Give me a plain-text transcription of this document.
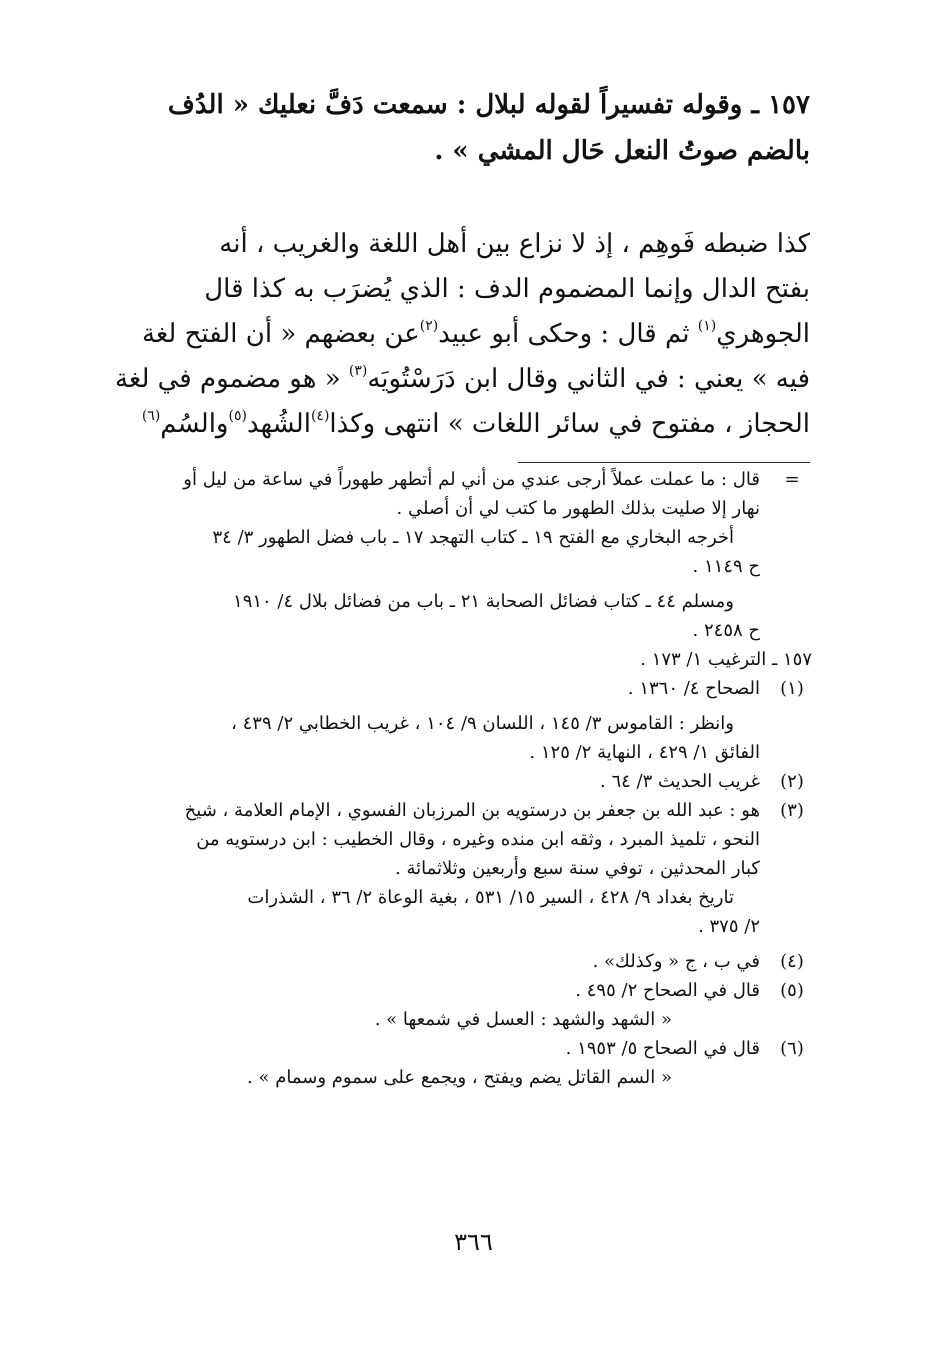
١٥٧ ـ وقوله تفسيراً لقوله لبلال : سمعت دَفَّ نعليك « الدُف
بالضم صوتُ النعل حَال المشي » .
كذا ضبطه فَوهِم ، إذ لا نزاع بين أهل اللغة والغريب ، أنه
بفتح الدال وإنما المضموم الدف : الذي يُضرَب به كذا قال
الجوهري$^{(١)}$ ثم قال : وحكى أبو عبيد$^{(٢)}$عن بعضهم « أن الفتح لغة
فيه » يعني : في الثاني وقال ابن دَرَسْتُويَه$^{(٣)}$ « هو مضموم في لغة
الحجاز ، مفتوح في سائر اللغات » انتهى وكذا$^{(٤)}$الشُهد$^{(٥)}$والسُم$^{(٦)}$
=
قال : ما عملت عملاً أرجى عندي من أني لم أتطهر طهوراً في ساعة من ليل أو
نهار إلا صليت بذلك الطهور ما كتب لي أن أصلي .
أخرجه البخاري مع الفتح ١٩ ـ كتاب التهجد ١٧ ـ باب فضل الطهور ٣/ ٣٤
ح ١١٤٩ .
ومسلم ٤٤ ـ كتاب فضائل الصحابة ٢١ ـ باب من فضائل بلال ٤/ ١٩١٠
ح ٢٤٥٨ .
١٥٧ ـ الترغيب ١/ ١٧٣ .
(١)
الصحاح ٤/ ١٣٦٠ .
وانظر : القاموس ٣/ ١٤٥ ، اللسان ٩/ ١٠٤ ، غريب الخطابي ٢/ ٤٣٩ ،
الفائق ١/ ٤٢٩ ، النهاية ٢/ ١٢٥ .
(٢)
غريب الحديث ٣/ ٦٤ .
(٣)
هو : عبد الله بن جعفر بن درستويه بن المرزبان الفسوي ، الإمام العلامة ، شيخ
النحو ، تلميذ المبرد ، وثقه ابن منده وغيره ، وقال الخطيب : ابن درستويه من
كبار المحدثين ، توفي سنة سبع وأربعين وثلاثمائة .
تاريخ بغداد ٩/ ٤٢٨ ، السير ١٥/ ٥٣١ ، بغية الوعاة ٢/ ٣٦ ، الشذرات
٢/ ٣٧٥ .
(٤)
في ب ، ج « وكذلك» .
(٥)
قال في الصحاح ٢/ ٤٩٥ .
« الشهد والشهد : العسل في شمعها » .
(٦)
قال في الصحاح ٥/ ١٩٥٣ .
« السم القاتل يضم ويفتح ، ويجمع على سموم وسمام » .
٣٦٦
